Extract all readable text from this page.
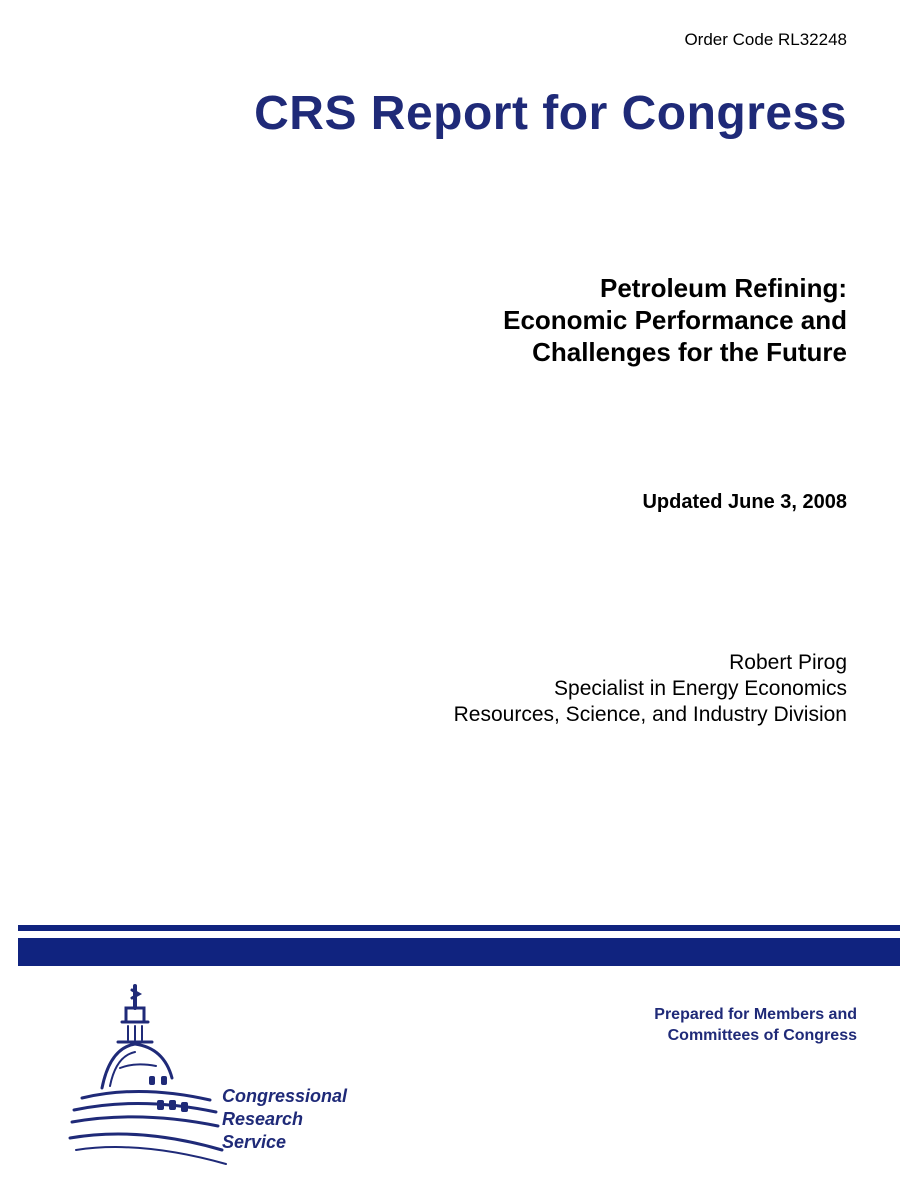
Order Code RL32248
CRS Report for Congress
Petroleum Refining:
Economic Performance and
Challenges for the Future
Updated June 3, 2008
Robert Pirog
Specialist in Energy Economics
Resources, Science, and Industry Division
Prepared for Members and
Committees of Congress
Congressional
Research
Service
